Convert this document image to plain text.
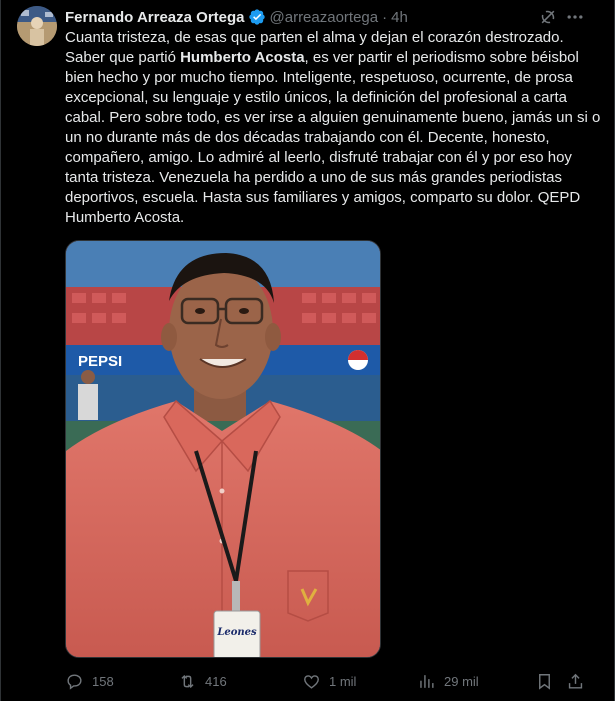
Fernando Arreaza Ortega @arreazaortega · 4h
Cuanta tristeza, de esas que parten el alma y dejan el corazón destrozado. Saber que partió Humberto Acosta, es ver partir el periodismo sobre béisbol bien hecho y por mucho tiempo. Inteligente, respetuoso, ocurrente, de prosa excepcional, su lenguaje y estilo únicos, la definición del profesional a carta cabal. Pero sobre todo, es ver irse a alguien genuinamente bueno, jamás un si o un no durante más de dos décadas trabajando con él. Decente, honesto, compañero, amigo. Lo admiré al leerlo, disfruté trabajar con él y por eso hoy tanta tristeza. Venezuela ha perdido a uno de sus más grandes periodistas deportivos, escuela. Hasta sus familiares y amigos, comparto su dolor. QEPD Humberto Acosta.
PEPSI
Leones
158	416	1 mil	29 mil
